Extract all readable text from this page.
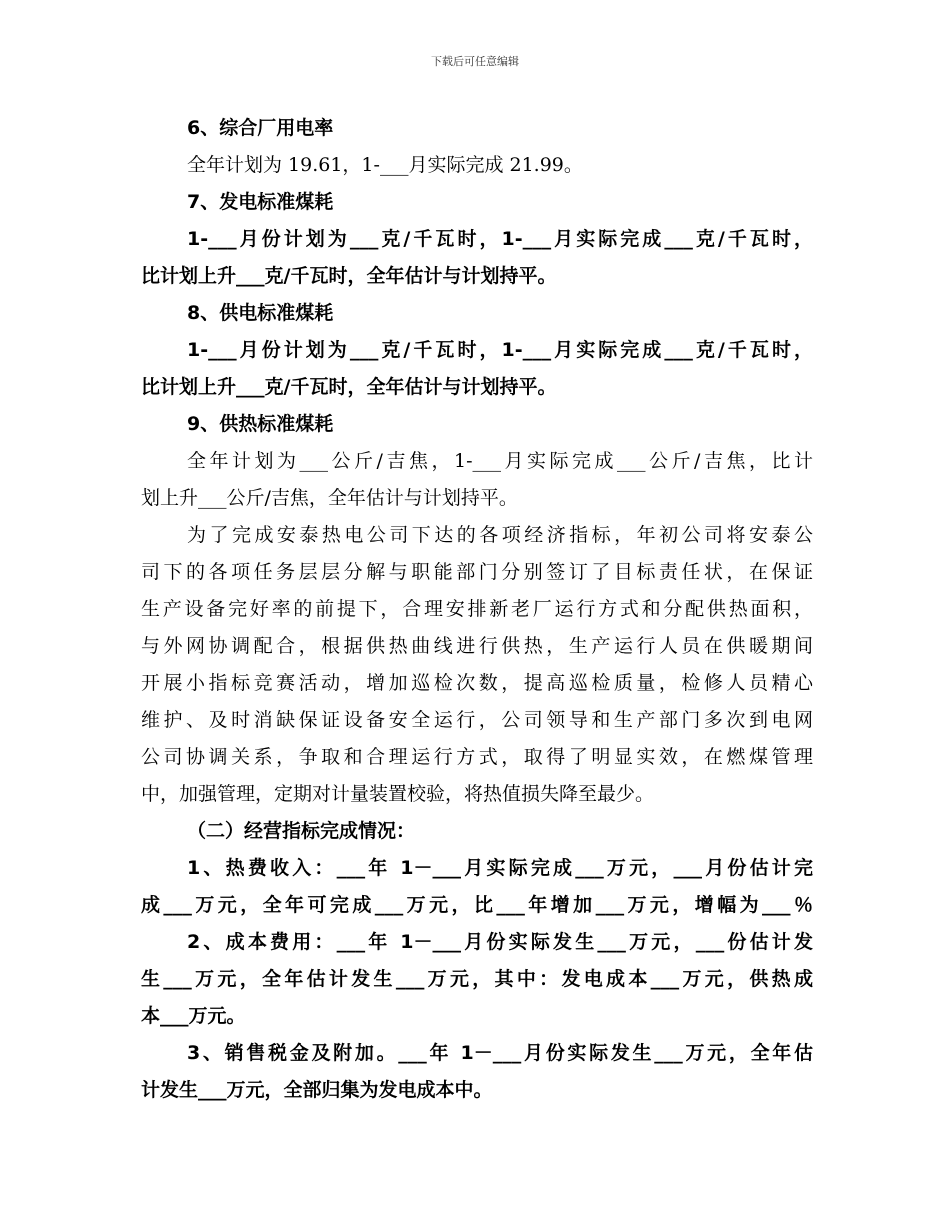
下载后可任意编辑
6、综合厂用电率
全年计划为 19.61，1-___月实际完成 21.99。
7、发电标准煤耗
1-___月份计划为___克/千瓦时，1-___月实际完成___克/千瓦时，
比计划上升___克/千瓦时，全年估计与计划持平。
8、供电标准煤耗
1-___月份计划为___克/千瓦时，1-___月实际完成___克/千瓦时，
比计划上升___克/千瓦时，全年估计与计划持平。
9、供热标准煤耗
全年计划为___公斤/吉焦，1-___月实际完成___公斤/吉焦，比计
划上升___公斤/吉焦，全年估计与计划持平。
为了完成安泰热电公司下达的各项经济指标，年初公司将安泰公
司下的各项任务层层分解与职能部门分别签订了目标责任状，在保证
生产设备完好率的前提下，合理安排新老厂运行方式和分配供热面积，
与外网协调配合，根据供热曲线进行供热，生产运行人员在供暖期间
开展小指标竞赛活动，增加巡检次数，提高巡检质量，检修人员精心
维护、及时消缺保证设备安全运行，公司领导和生产部门多次到电网
公司协调关系，争取和合理运行方式，取得了明显实效，在燃煤管理
中，加强管理，定期对计量装置校验，将热值损失降至最少。
（二）经营指标完成情况：
1、热费收入：___年 1－___月实际完成___万元，___月份估计完
成___万元，全年可完成___万元，比___年增加___万元，增幅为___％
2、成本费用：___年 1－___月份实际发生___万元，___份估计发
生___万元，全年估计发生___万元，其中：发电成本___万元，供热成
本___万元。
3、销售税金及附加。___年 1－___月份实际发生___万元，全年估
计发生___万元，全部归集为发电成本中。
